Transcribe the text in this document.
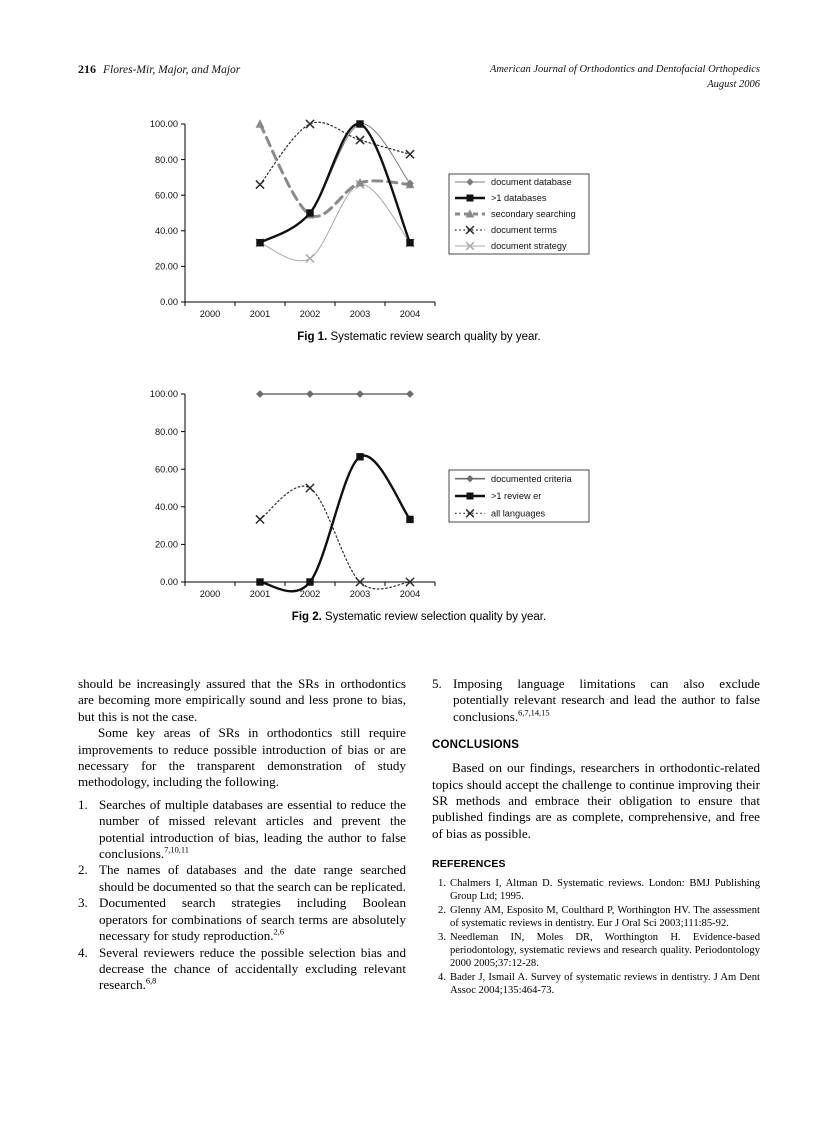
216 Flores-Mir, Major, and Major	American Journal of Orthodontics and Dentofacial Orthopedics
August 2006
0.00
20.00
40.00
60.00
80.00
100.00
2000	2001	2002	2003	2004
document database
>1 databases
secondary searching
document terms
document strategy
Fig 1. Systematic review search quality by year.
0.00
20.00
40.00
60.00
80.00
100.00
2000	2001	2002	2003	2004
documented criteria
>1 review er
all languages
Fig 2. Systematic review selection quality by year.

should be increasingly assured that the SRs in orthodontics are becoming more empirically sound and less prone to bias, but this is not the case.

Some key areas of SRs in orthodontics still require improvements to reduce possible introduction of bias or are necessary for the transparent demonstration of study methodology, including the following.

1. Searches of multiple databases are essential to reduce the number of missed relevant articles and prevent the potential introduction of bias, leading the author to false conclusions.$^{7,10,11}$
2. The names of databases and the date range searched should be documented so that the search can be replicated.
3. Documented search strategies including Boolean operators for combinations of search terms are absolutely necessary for study reproduction.$^{2,6}$
4. Several reviewers reduce the possible selection bias and decrease the chance of accidentally excluding relevant research.$^{6,8}$
5. Imposing language limitations can also exclude potentially relevant research and lead the author to false conclusions.$^{6,7,14,15}$
CONCLUSIONS

Based on our findings, researchers in orthodontic-related topics should accept the challenge to continue improving their SR methods and embrace their obligation to ensure that published findings are as complete, comprehensive, and free of bias as possible.

REFERENCES
1. Chalmers I, Altman D. Systematic reviews. London: BMJ Publishing Group Ltd; 1995.
2. Glenny AM, Esposito M, Coulthard P, Worthington HV. The assessment of systematic reviews in dentistry. Eur J Oral Sci 2003;111:85-92.
3. Needleman IN, Moles DR, Worthington H. Evidence-based periodontology, systematic reviews and research quality. Periodontology 2000 2005;37:12-28.
4. Bader J, Ismail A. Survey of systematic reviews in dentistry. J Am Dent Assoc 2004;135:464-73.
